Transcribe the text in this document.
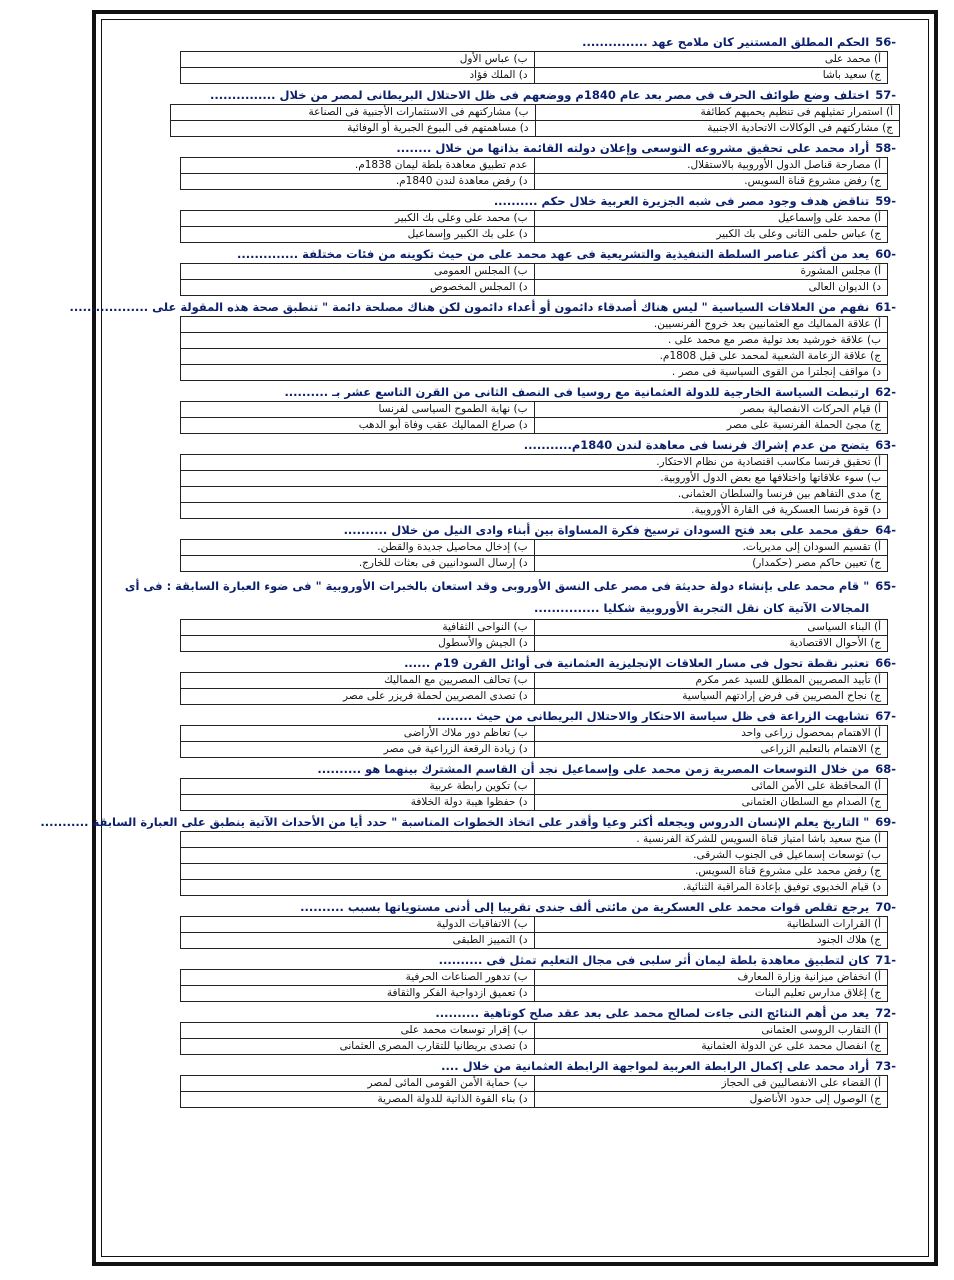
-56
الحكم المطلق المستنير كان ملامح عهد ...............
أ) محمد على	ب) عباس الأول
ج) سعيد باشا	د) الملك فؤاد
-57
اختلف وضع طوائف الحرف فى مصر بعد عام 1840م ووضعهم فى ظل الاحتلال البريطانى لمصر من خلال ...............
أ) استمرار تمثيلهم فى تنظيم يحميهم كطائفة	ب) مشاركتهم فى الاستثمارات الأجنبية فى الصناعة
ج) مشاركتهم فى الوكالات الاتحادية الاجنبية	د) مساهمتهم فى البيوع الجبرية أو الوفائية
-58
أراد محمد على تحقيق مشروعه التوسعى وإعلان دولته القائمة بذاتها من خلال ........
أ) مصارحة قناصل الدول الأوروبية بالاستقلال.	عدم تطبيق معاهدة بلطة ليمان 1838م.
ج) رفض مشروع قناة السويس.	د) رفض معاهدة لندن 1840م.
-59
تناقض هدف وجود مصر فى شبه الجزيرة العربية خلال حكم ..........
أ) محمد على وإسماعيل	ب) محمد على وعلى بك الكبير
ج) عباس حلمى الثانى وعلى بك الكبير	د) على بك الكبير وإسماعيل
-60
يعد من أكثر عناصر السلطة التنفيذية والتشريعية فى عهد محمد على من حيث تكوينه من فئات مختلفة ..............
أ) مجلس المشورة	ب) المجلس العمومى
د) الديوان العالى	د) المجلس المخصوص
-61
نفهم من العلاقات السياسية " ليس هناك أصدقاء دائمون أو أعداء دائمون لكن هناك مصلحة دائمة " تنطبق صحة هذه المقولة على ..................
أ) علاقة المماليك مع العثمانيين بعد خروج الفرنسيين.
ب) علاقة خورشيد بعد تولية مصر مع محمد على .
ج) علاقة الزعامة الشعبية لمحمد على قبل 1808م.
د) مواقف إنجلترا من القوى السياسية فى مصر .
-62
ارتبطت السياسة الخارجية للدولة العثمانية مع روسيا فى النصف الثانى من القرن التاسع عشر بـ ..........
أ) قيام الحركات الانفصالية بمصر	ب) نهاية الطموح السياسى لفرنسا
ج) مجئ الحملة الفرنسية على مصر	د) صراع المماليك عقب وفاة أبو الدهب
-63
يتضح من عدم إشراك فرنسا فى معاهدة لندن 1840م...........
أ) تحقيق فرنسا مكاسب اقتصادية من نظام الاحتكار.
ب) سوء علاقاتها واختلافها مع بعض الدول الأوروبية.
ج) مدى التفاهم بين فرنسا والسلطان العثمانى.
د) قوة فرنسا العسكرية فى القارة الأوروبية.
-64
حقق محمد على بعد فتح السودان ترسيخ فكرة المساواة بين أبناء وادى النيل من خلال ..........
أ) تقسيم السودان إلى مديريات.	ب) إدخال محاصيل جديدة والقطن.
ج) تعيين حاكم مصر (حكمدار)	د) إرسال السودانيين فى بعثات للخارج.
-65
" قام محمد على بإنشاء دولة حديثة فى مصر على النسق الأوروبى وقد استعان بالخبرات الأوروبية " فى ضوء العبارة السابقة : فى أى المجالات الآتية كان نقل التجربة الأوروبية شكليا ...............
أ) البناء السياسى	ب) النواحى الثقافية
ج) الأحوال الاقتصادية	د) الجيش والأسطول
-66
تعتبر نقطة تحول فى مسار العلاقات الإنجليزية العثمانية فى أوائل القرن 19م ......
أ) تأييد المصريين المطلق للسيد عمر مكرم	ب) تحالف المصريين مع المماليك
ج) نجاح المصريين فى فرض إرادتهم السياسية	د) تصدى المصريين لحملة فريزر على مصر
-67
تشابهت الزراعة فى ظل سياسة الاحتكار والاحتلال البريطانى من حيث ........
أ) الاهتمام بمحصول زراعى واحد	ب) تعاظم دور ملاك الأراضى
ج) الاهتمام بالتعليم الزراعى	د) زيادة الرقعة الزراعية فى مصر
-68
من خلال التوسعات المصرية زمن محمد على وإسماعيل نجد أن القاسم المشترك بينهما هو ..........
أ) المحافظة على الأمن المائى	ب) تكوين رابطة عربية
ج) الصدام مع السلطان العثمانى	د) حفظوا هيبة دولة الخلافة
-69
" التاريخ يعلم الإنسان الدروس ويجعله أكثر وعيا وأقدر على اتخاذ الخطوات المناسبة " حدد أيا من الأحداث الآتية ينطبق على العبارة السابقة ...........
أ) منح سعيد باشا امتياز قناة السويس للشركة الفرنسية .
ب) توسعات إسماعيل فى الجنوب الشرقى.
ج) رفض محمد على مشروع قناة السويس.
د) قيام الخديوى توفيق بإعادة المراقبة الثنائية.
-70
يرجع تقلص قوات محمد على العسكرية من مائتى ألف جندى تقريبا إلى أدنى مستوياتها بسبب ..........
أ) القرارات السلطانية	ب) الاتفاقيات الدولية
ج) هلاك الجنود	د) التمييز الطبقى
-71
كان لتطبيق معاهدة بلطة ليمان أثر سلبى فى مجال التعليم تمثل فى ..........
أ) انخفاض ميزانية وزارة المعارف	ب) تدهور الصناعات الحرفية
ج) إغلاق مدارس تعليم البنات	د) تعميق ازدواجية الفكر والثقافة
-72
يعد من أهم النتائج التى جاءت لصالح محمد على بعد عقد صلح كوتاهية ..........
أ) التقارب الروسى العثمانى	ب) إقرار توسعات محمد على
ج) انفصال محمد على عن الدولة العثمانية	د) تصدى بريطانيا للتقارب المصرى العثمانى
-73
أراد محمد على إكمال الرابطة العربية لمواجهة الرابطة العثمانية من خلال ....
أ) القضاء على الانفصاليين فى الحجاز	ب) حماية الأمن القومى المائى لمصر
ج) الوصول إلى حدود الأناضول	د) بناء القوة الذاتية للدولة المصرية
